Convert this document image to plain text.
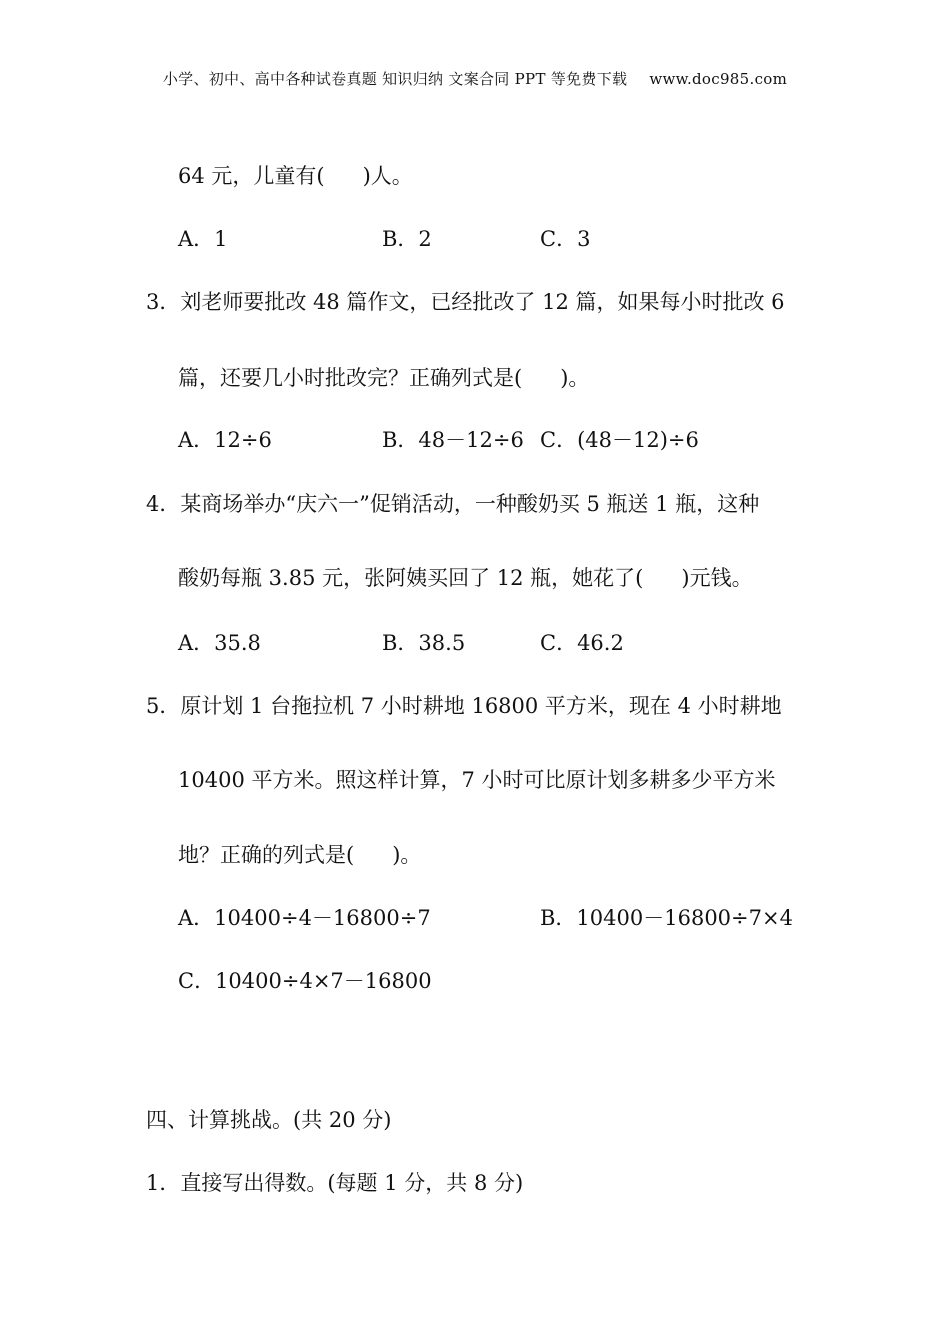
小学、初中、高中各种试卷真题 知识归纳 文案合同 PPT 等免费下载 www.doc985.com
64 元，儿童有( )人。
A．1	B．2	C．3
3．刘老师要批改 48 篇作文，已经批改了 12 篇，如果每小时批改 6
篇，还要几小时批改完？正确列式是( )。
A．12÷6	B．48－12÷6 C．(48－12)÷6
4．某商场举办“庆六一”促销活动，一种酸奶买 5 瓶送 1 瓶，这种
酸奶每瓶 3.85 元，张阿姨买回了 12 瓶，她花了( )元钱。
A．35.8	B．38.5	C．46.2
5．原计划 1 台拖拉机 7 小时耕地 16800 平方米，现在 4 小时耕地
10400 平方米。照这样计算，7 小时可比原计划多耕多少平方米
地？正确的列式是( )。
A．10400÷4－16800÷7	B．10400－16800÷7×4
C．10400÷4×7－16800
四、计算挑战。(共 20 分)
1．直接写出得数。(每题 1 分，共 8 分)
